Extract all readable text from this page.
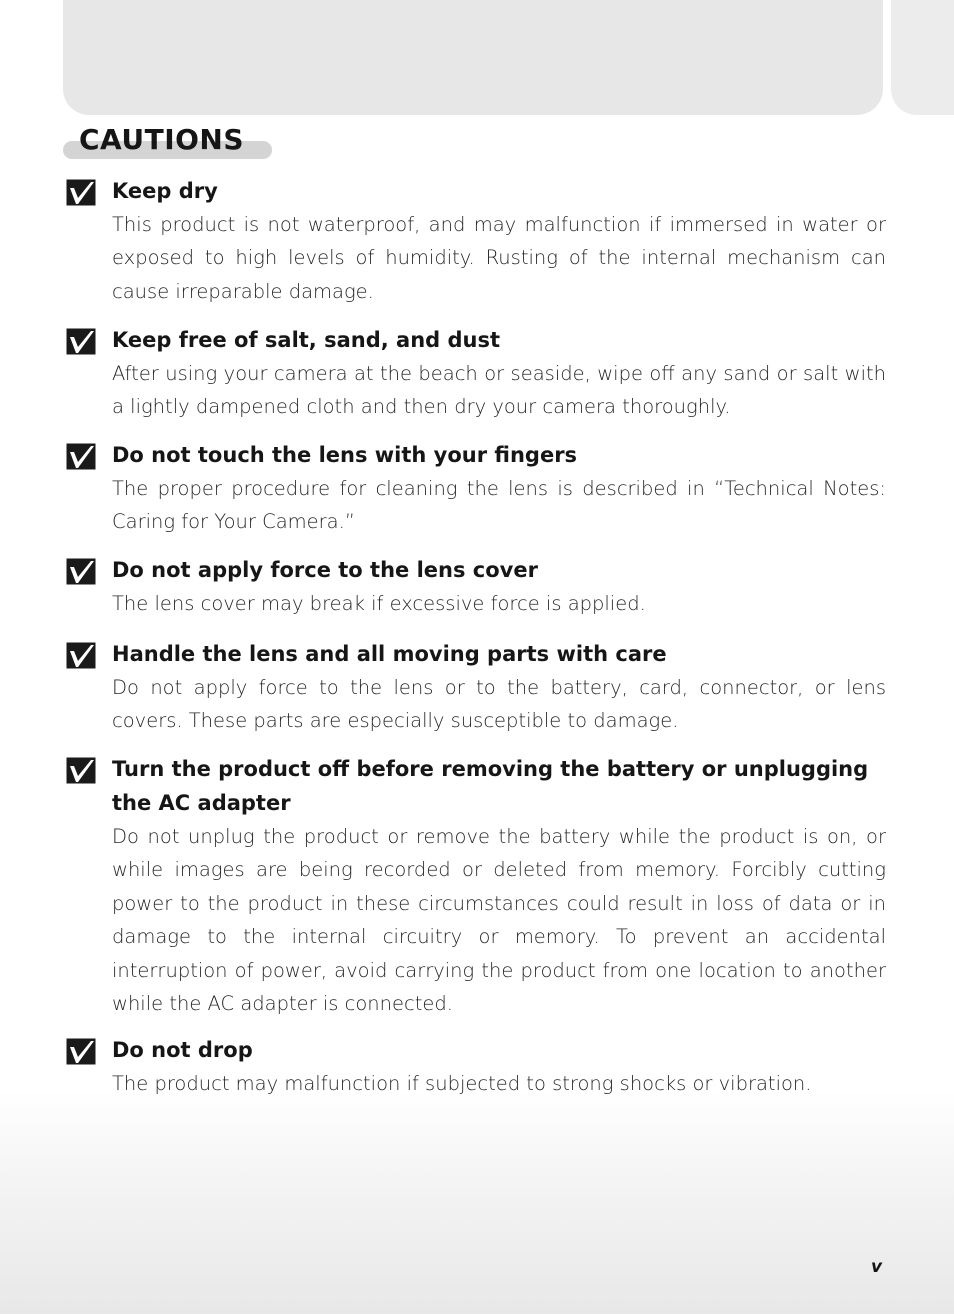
CAUTIONS
Keep dry

This product is not waterproof, and may malfunction if immersed in water or exposed to high levels of humidity. Rusting of the internal mechanism can cause irreparable damage.

Keep free of salt, sand, and dust

After using your camera at the beach or seaside, wipe off any sand or salt with a lightly dampened cloth and then dry your camera thoroughly.

Do not touch the lens with your fingers

The proper procedure for cleaning the lens is described in “Technical Notes: Caring for Your Camera.”

Do not apply force to the lens cover

The lens cover may break if excessive force is applied.

Handle the lens and all moving parts with care

Do not apply force to the lens or to the battery, card, connector, or lens covers. These parts are especially susceptible to damage.

Turn the product off before removing the battery or unplugging the AC adapter

Do not unplug the product or remove the battery while the product is on, or while images are being recorded or deleted from memory. Forcibly cutting power to the product in these circumstances could result in loss of data or in damage to the internal circuitry or memory. To prevent an accidental interruption of power, avoid carrying the product from one location to another while the AC adapter is connected.

Do not drop

The product may malfunction if subjected to strong shocks or vibration.

v
